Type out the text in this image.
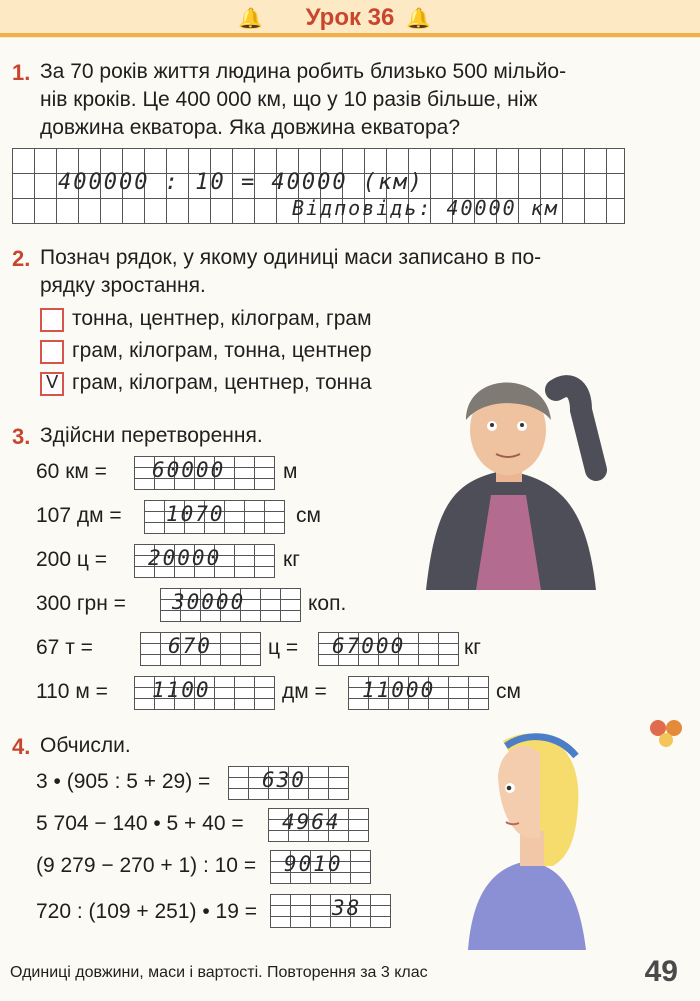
🔔	Урок 36 🔔
1. За 70 років життя людина робить близько 500 мільйо-
нів кроків. Це 400 000 км, що у 10 разів більше, ніж
довжина екватора. Яка довжина екватора?
400000 : 10 = 40000 (км)
Відповідь: 40000 км
2. Познач рядок, у якому одиниці маси записано в по-
рядку зростання.
тонна, центнер, кілограм, грам
грам, кілограм, тонна, центнер
V грам, кілограм, центнер, тонна
3. Здійсни перетворення.
60 км = 60000	м
107 дм = 1070	см
200 ц = 20000	кг
300 грн = 30000	коп.
67 т =	670	ц = 67000	кг
110 м = 1100	дм = 11000	см
4. Обчисли.
3 • (905 : 5 + 29) = 630
5 704 − 140 • 5 + 40 = 4964
(9 279 − 270 + 1) : 10 = 9010
720 : (109 + 251) • 19 =	38
Одиниці довжини, маси і вартості. Повторення за 3 клас	49
